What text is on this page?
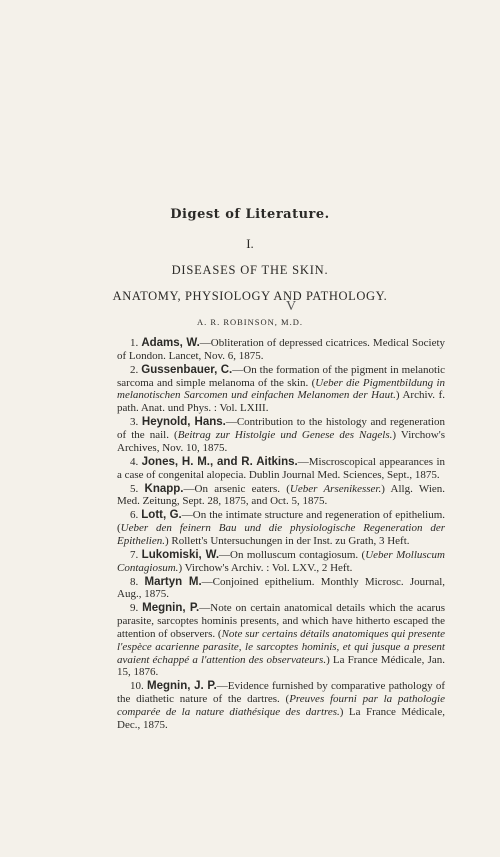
Digest of Literature.
I.
DISEASES OF THE SKIN.
ANATOMY, PHYSIOLOGY AND PATHOLOGY.
V
A. R. ROBINSON, M.D.

1. Adams, W.—Obliteration of depressed cicatrices. Medical Society of London. Lancet, Nov. 6, 1875.

2. Gussenbauer, C.—On the formation of the pigment in melanotic sarcoma and simple melanoma of the skin. (Ueber die Pigmentbildung in melanotischen Sarcomen und einfachen Melanomen der Haut.) Archiv. f. path. Anat. und Phys. : Vol. LXIII.

3. Heynold, Hans.—Contribution to the histology and regeneration of the nail. (Beitrag zur Histolgie und Genese des Nagels.) Virchow's Archives, Nov. 10, 1875.

4. Jones, H. M., and R. Aitkins.—Miscroscopical appearances in a case of congenital alopecia. Dublin Journal Med. Sciences, Sept., 1875.

5. Knapp.—On arsenic eaters. (Ueber Arsenikesser.) Allg. Wien. Med. Zeitung, Sept. 28, 1875, and Oct. 5, 1875.

6. Lott, G.—On the intimate structure and regeneration of epithelium. (Ueber den feinern Bau und die physiologische Regeneration der Epithelien.) Rollett's Untersuchungen in der Inst. zu Grath, 3 Heft.

7. Lukomiski, W.—On molluscum contagiosum. (Ueber Molluscum Contagiosum.) Virchow's Archiv. : Vol. LXV., 2 Heft.

8. Martyn M.—Conjoined epithelium. Monthly Microsc. Journal, Aug., 1875.

9. Megnin, P.—Note on certain anatomical details which the acarus parasite, sarcoptes hominis presents, and which have hitherto escaped the attention of observers. (Note sur certains détails anatomiques qui presente l'espèce acarienne parasite, le sarcoptes hominis, et qui jusque a present avaient échappé a l'attention des observateurs.) La France Médicale, Jan. 15, 1876.

10. Megnin, J. P.—Evidence furnished by comparative pathology of the diathetic nature of the dartres. (Preuves fourni par la pathologie comparée de la nature diathésique des dartres.) La France Médicale, Dec., 1875.
